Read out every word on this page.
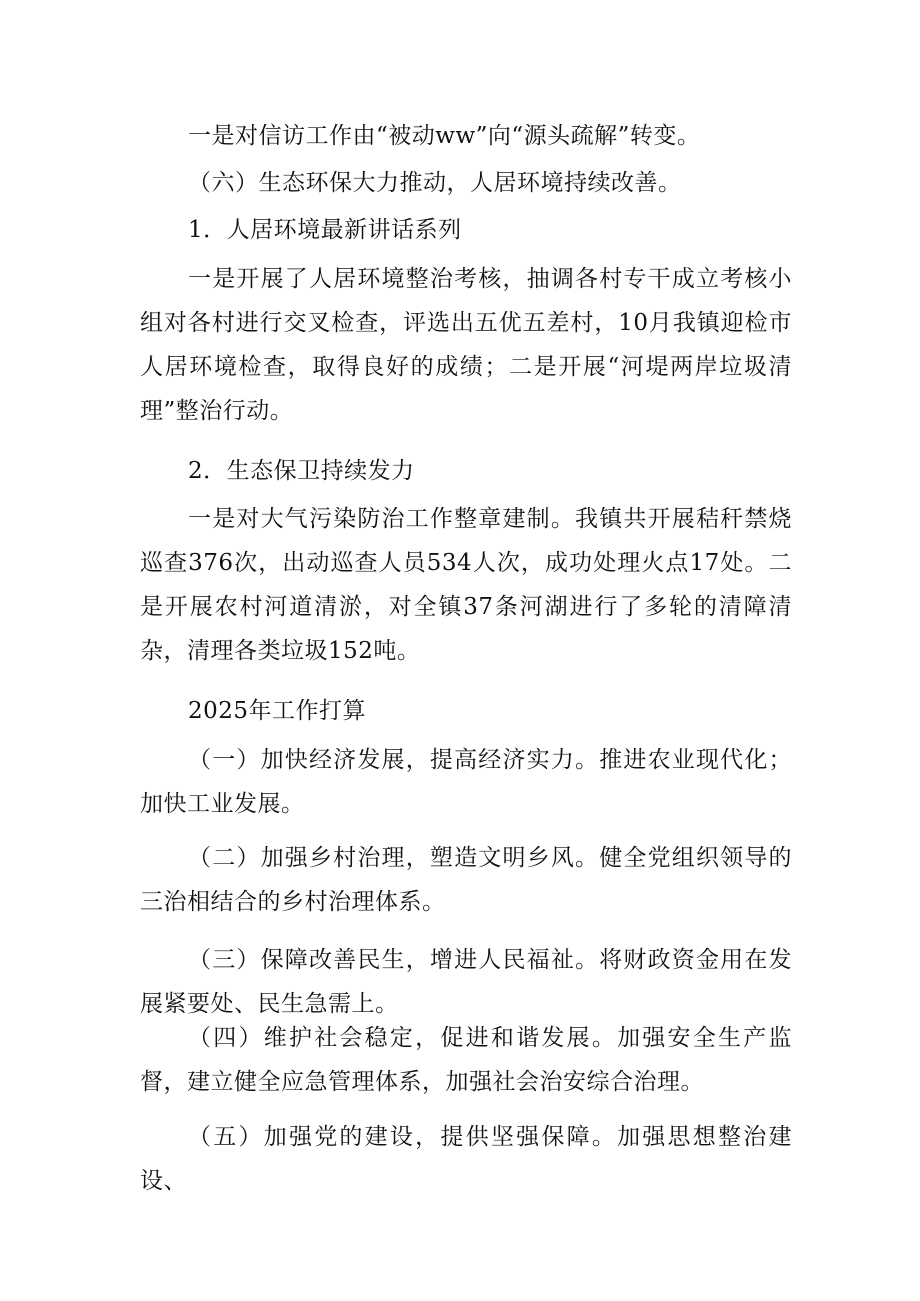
一是对信访工作由“被动ww”向“源头疏解”转变。

（六）生态环保大力推动，人居环境持续改善。

1．人居环境最新讲话系列

一是开展了人居环境整治考核，抽调各村专干成立考核小组对各村进行交叉检查，评选出五优五差村，10月我镇迎检市人居环境检查，取得良好的成绩；二是开展“河堤两岸垃圾清理”整治行动。

2．生态保卫持续发力

一是对大气污染防治工作整章建制。我镇共开展秸秆禁烧巡查376次，出动巡查人员534人次，成功处理火点17处。二是开展农村河道清淤，对全镇37条河湖进行了多轮的清障清杂，清理各类垃圾152吨。

2025年工作打算

（一）加快经济发展，提高经济实力。推进农业现代化；加快工业发展。

（二）加强乡村治理，塑造文明乡风。健全党组织领导的三治相结合的乡村治理体系。

（三）保障改善民生，增进人民福祉。将财政资金用在发展紧要处、民生急需上。

（四）维护社会稳定，促进和谐发展。加强安全生产监督，建立健全应急管理体系，加强社会治安综合治理。

（五）加强党的建设，提供坚强保障。加强思想整治建设、
